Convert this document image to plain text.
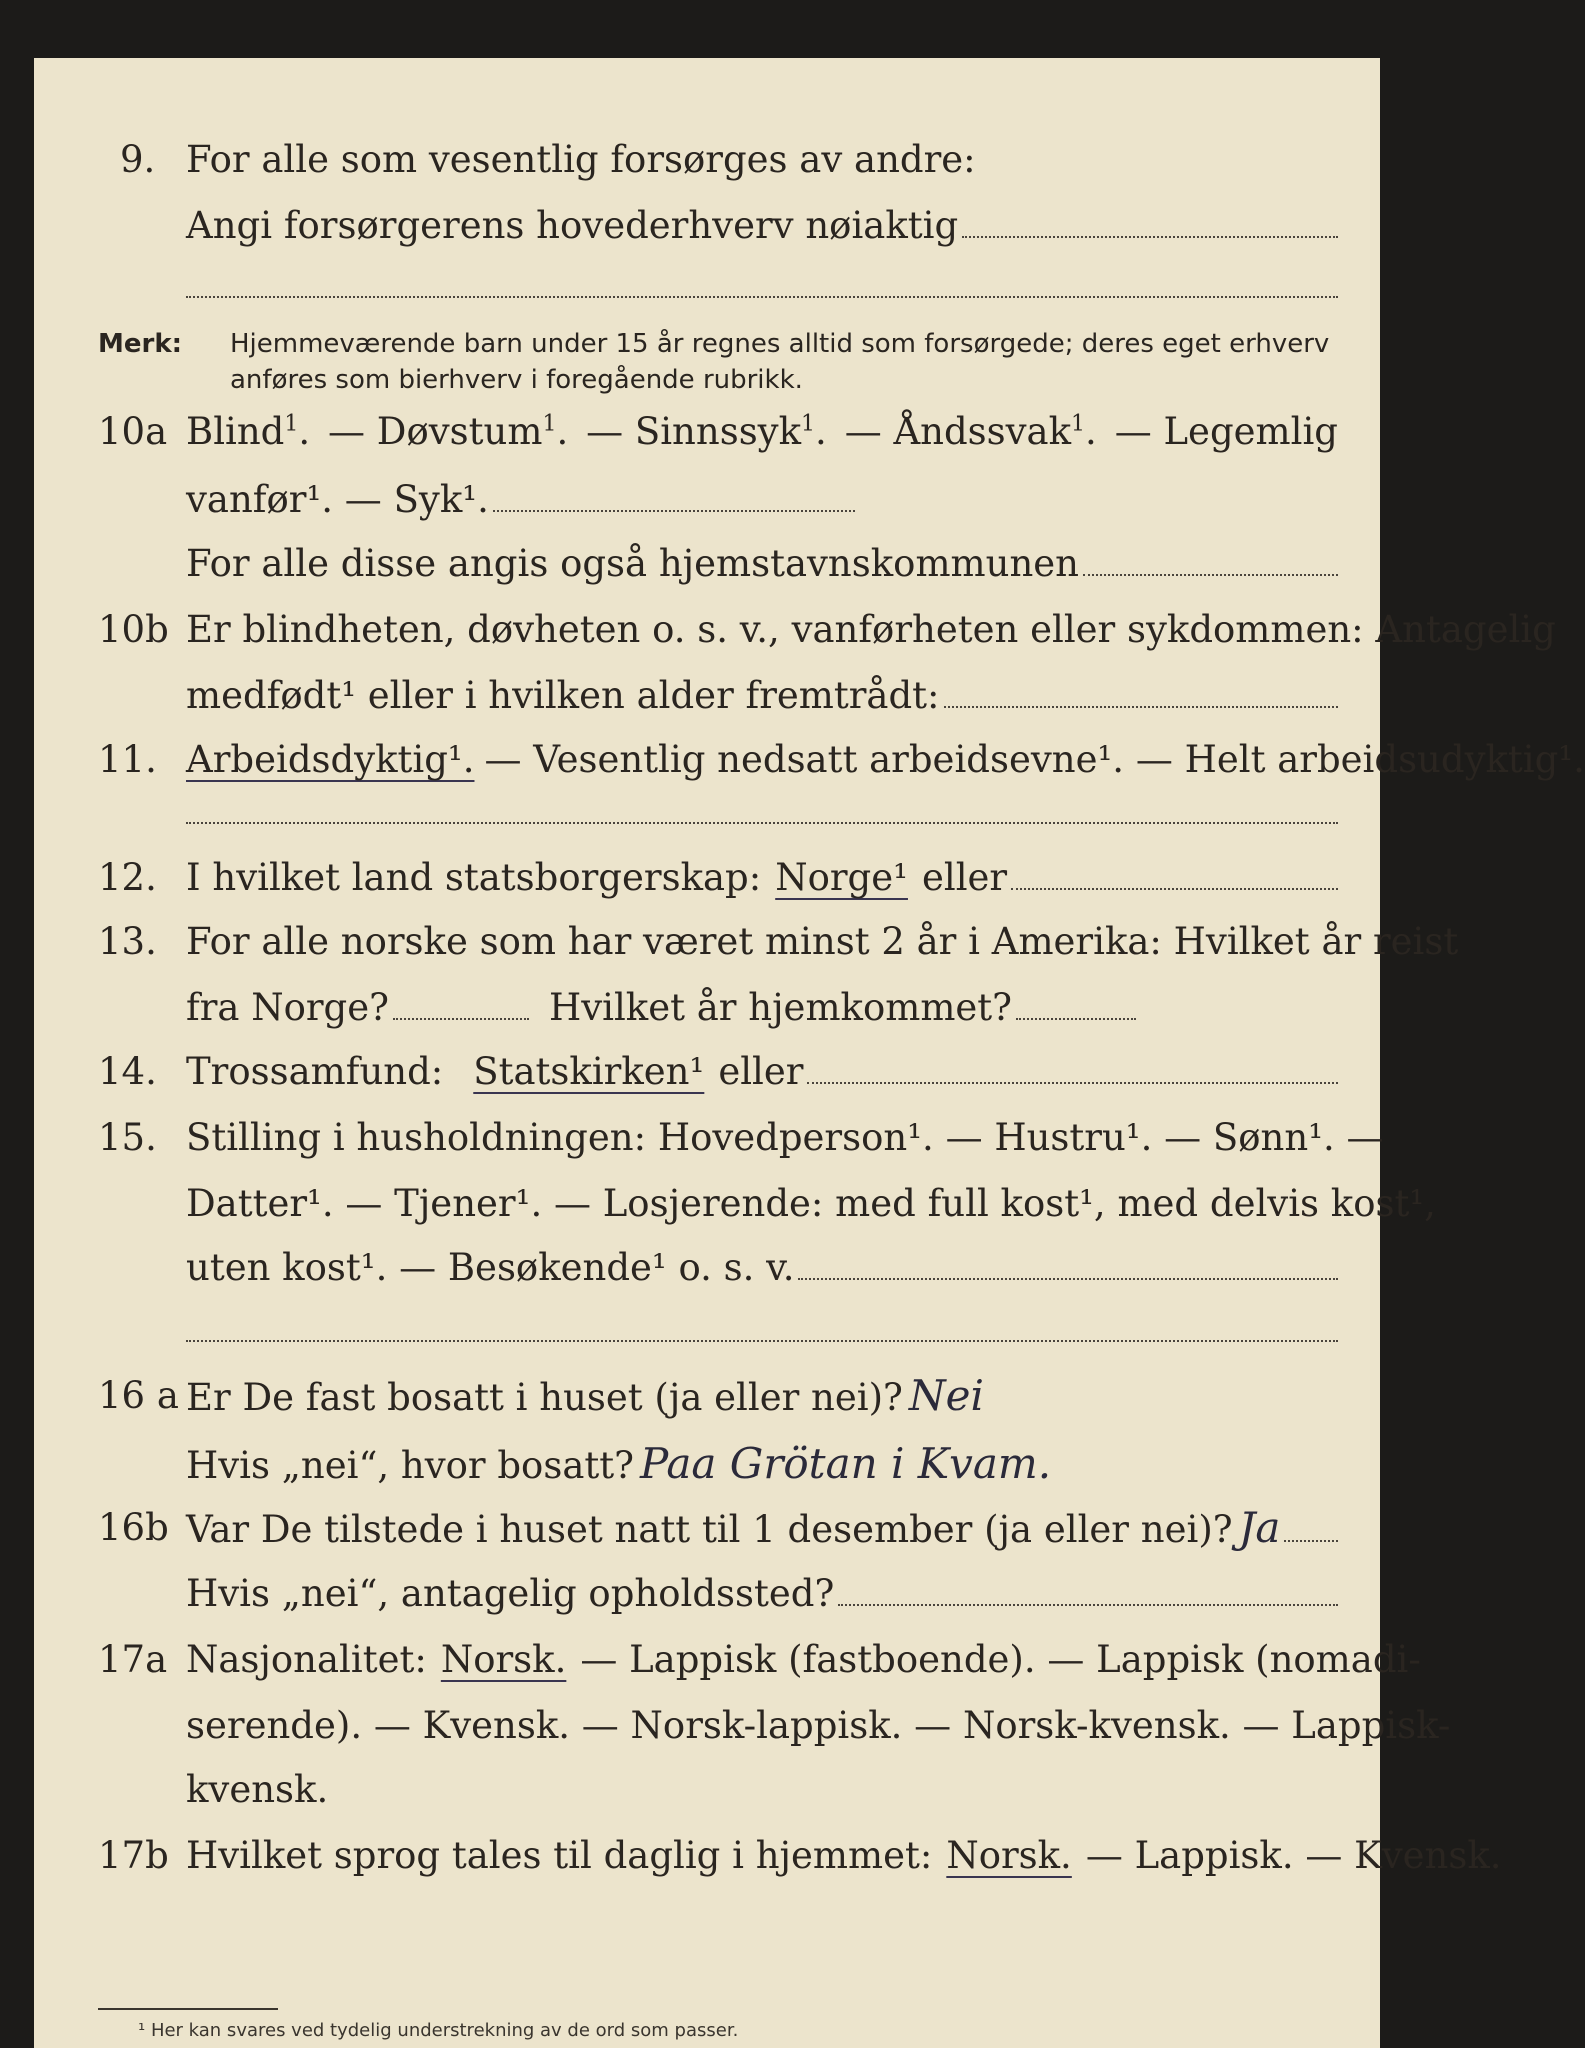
9. For alle som vesentlig forsørges av andre:
Angi forsørgerens hovederhverv nøiaktig
Merk: Hjemmeværende barn under 15 år regnes alltid som forsørgede; deres eget erhverv
anføres som bierhverv i foregående rubrikk.
10a Blind$^1$. — Døvstum$^1$. — Sinnssyk$^1$. — Åndssvak$^1$. — Legemlig
vanfør¹. — Syk¹.
For alle disse angis også hjemstavnskommunen
10b Er blindheten, døvheten o. s. v., vanførheten eller sykdommen: Antagelig
medfødt¹ eller i hvilken alder fremtrådt:
11. Arbeidsdyktig¹. — Vesentlig nedsatt arbeidsevne¹. — Helt arbeidsudyktig¹.
12. I hvilket land statsborgerskap: Norge¹ eller
13. For alle norske som har været minst 2 år i Amerika: Hvilket år reist
fra Norge?	Hvilket år hjemkommet?
14. Trossamfund: Statskirken¹ eller
15. Stilling i husholdningen: Hovedperson¹. — Hustru¹. — Sønn¹. —
Datter¹. — Tjener¹. — Losjerende: med full kost¹, med delvis kost¹,
uten kost¹. — Besøkende¹ o. s. v.
16 a Er De fast bosatt i huset (ja eller nei)? Nei
Hvis „nei“, hvor bosatt? Paa Grötan i Kvam.
16b Var De tilstede i huset natt til 1 desember (ja eller nei)? Ja
Hvis „nei“, antagelig opholdssted?
17a Nasjonalitet: Norsk. — Lappisk (fastboende). — Lappisk (nomadi-
serende). — Kvensk. — Norsk-lappisk. — Norsk-kvensk. — Lappisk-
kvensk.
17b Hvilket sprog tales til daglig i hjemmet: Norsk. — Lappisk. — Kvensk.
¹ Her kan svares ved tydelig understrekning av de ord som passer.
